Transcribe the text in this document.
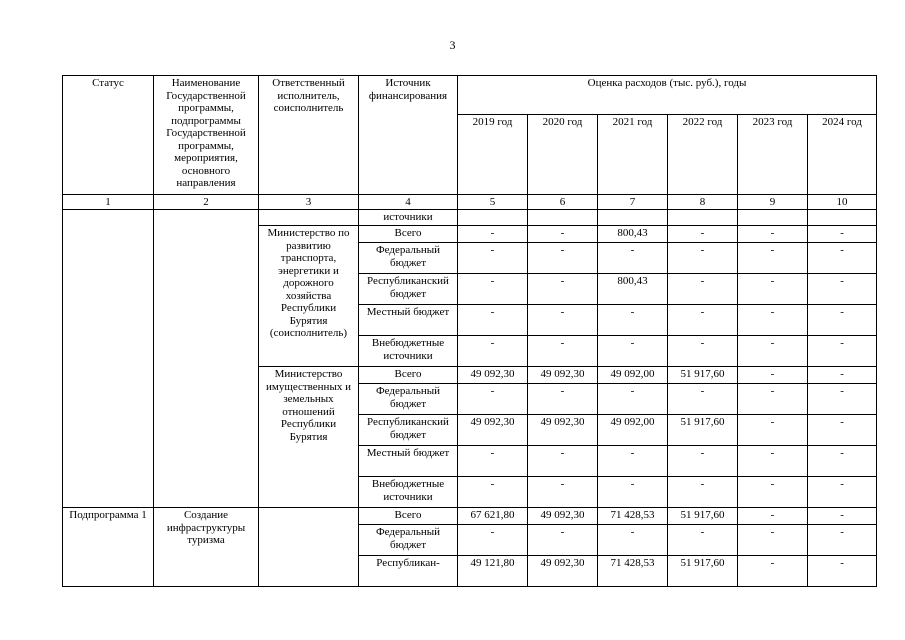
3
Статус	Наименование Государственной программы, подпрограммы Государственной программы, мероприятия, основного направления	Ответственный исполнитель, соисполнитель	Источник финансирования	Оценка расходов (тыс. руб.), годы					
				2019 год	2020 год	2021 год	2022 год	2023 год	2024 год
1	2	3	4	5	6	7	8	9	10
			источники						
		Министерство по развитию транспорта, энергетики и дорожного хозяйства Республики Бурятия (соисполнитель)	Всего	-	-	800,43	-	-	-
			Федеральный бюджет	-	-	-	-	-	-
			Республиканский бюджет	-	-	800,43	-	-	-
			Местный бюджет	-	-	-	-	-	-
			Внебюджетные источники	-	-	-	-	-	-
		Министерство имущественных и земельных отношений Республики Бурятия	Всего	49 092,30	49 092,30	49 092,00	51 917,60	-	-
			Федеральный бюджет	-	-	-	-	-	-
			Республиканский бюджет	49 092,30	49 092,30	49 092,00	51 917,60	-	-
			Местный бюджет	-	-	-	-	-	-
			Внебюджетные источники	-	-	-	-	-	-
Подпрограмма 1	Создание инфраструктуры туризма		Всего	67 621,80	49 092,30	71 428,53	51 917,60	-	-
			Федеральный бюджет	-	-	-	-	-	-
			Республикан-	49 121,80	49 092,30	71 428,53	51 917,60	-	-
